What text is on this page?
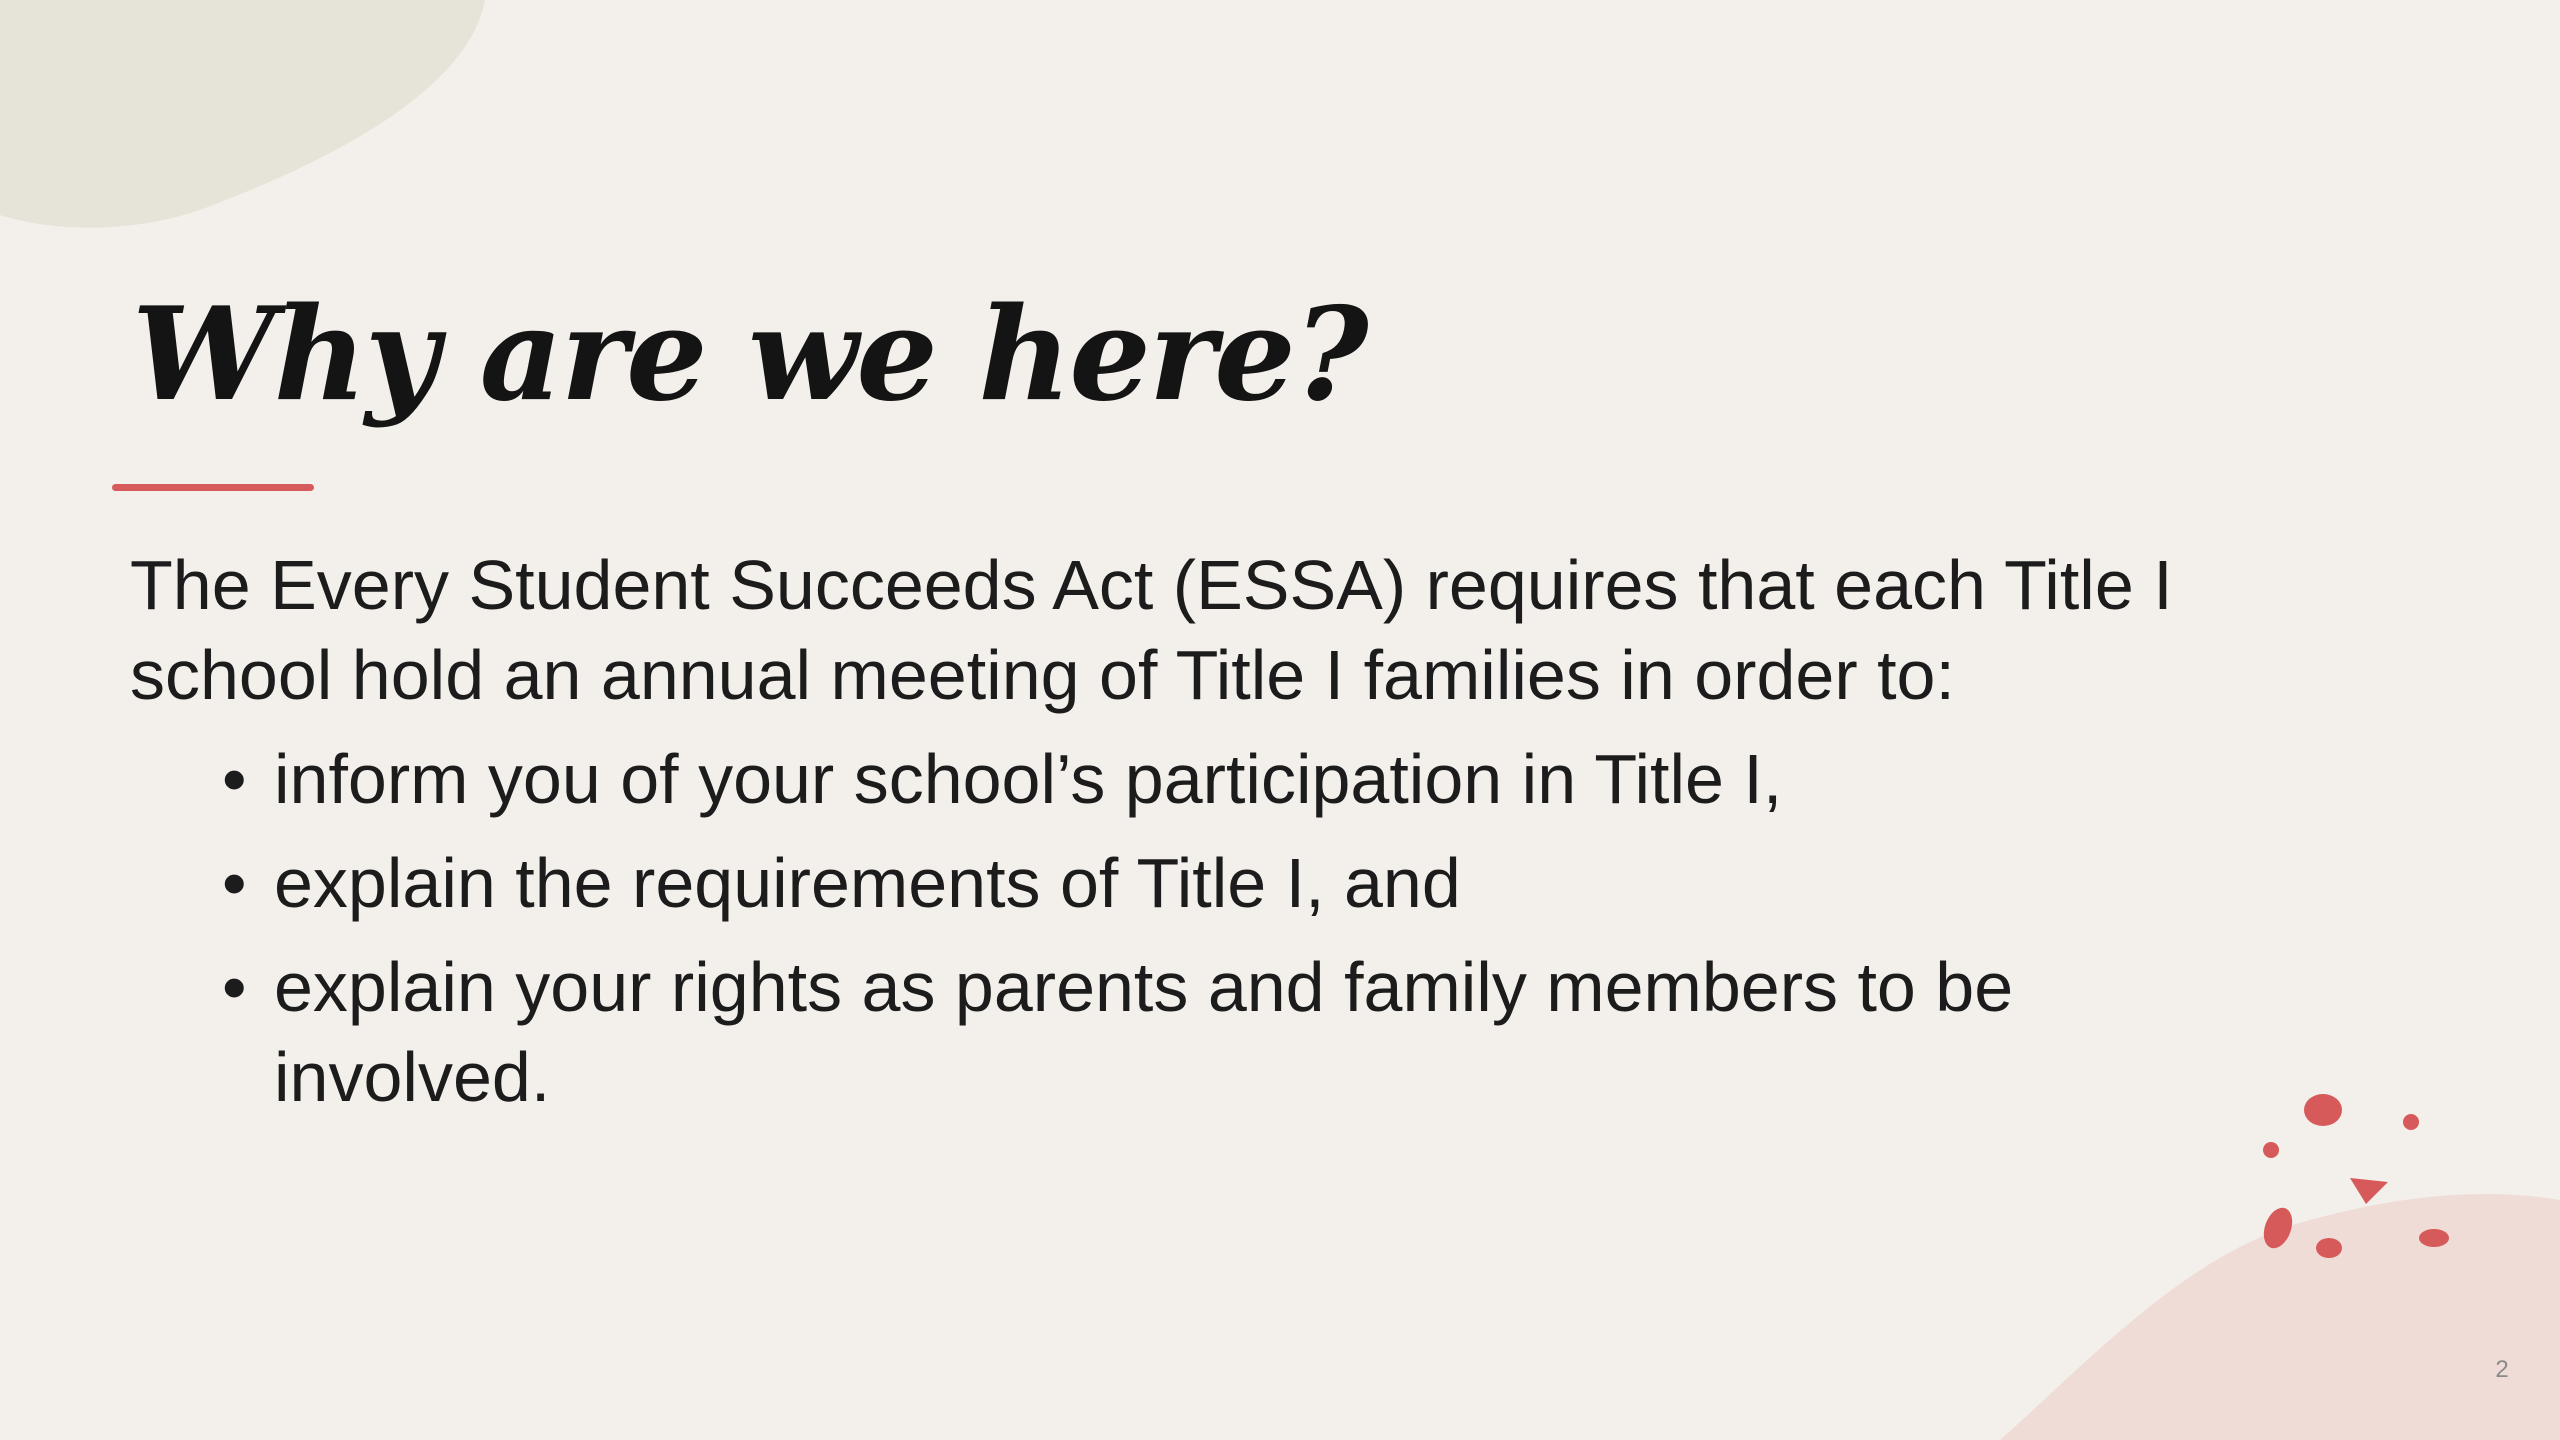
Why are we here?

The Every Student Succeeds Act (ESSA) requires that each Title I school hold an annual meeting of Title I families in order to:

• inform you of your school’s participation in Title I,
• explain the requirements of Title I, and
• explain your rights as parents and family members to be involved.
2
